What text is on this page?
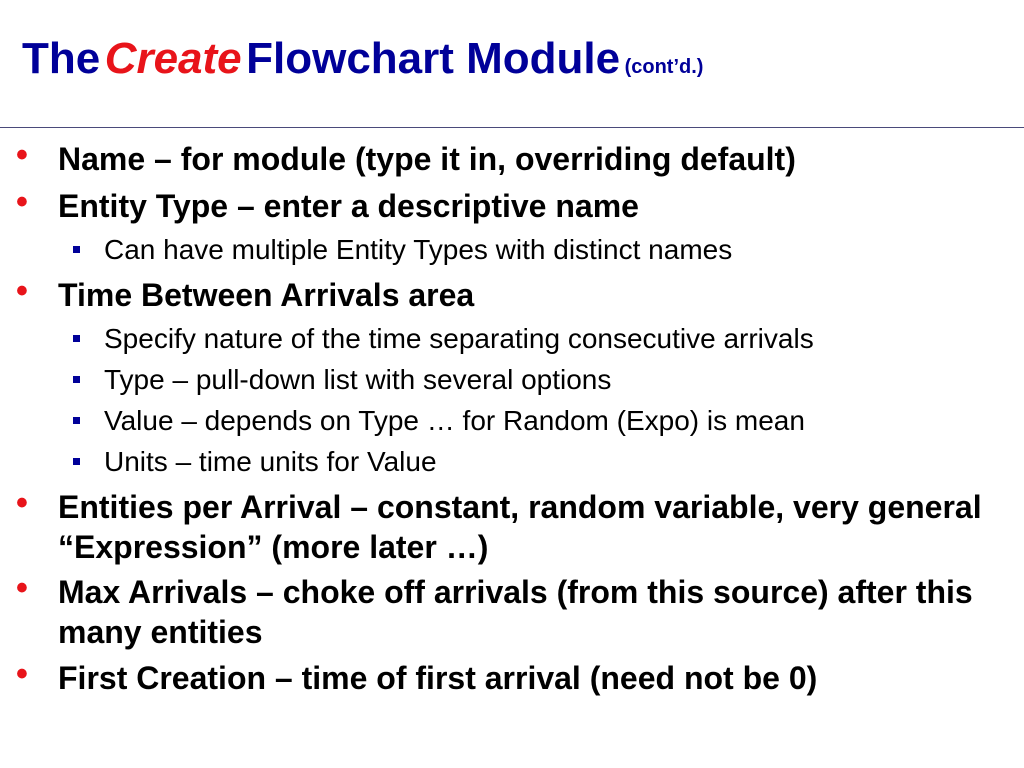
The Create Flowchart Module (cont’d.)
• Name – for module (type it in, overriding default)
• Entity Type – enter a descriptive name
Can have multiple Entity Types with distinct names
• Time Between Arrivals area
Specify nature of the time separating consecutive arrivals
Type – pull-down list with several options
Value – depends on Type … for Random (Expo) is mean
Units – time units for Value
• Entities per Arrival – constant, random variable, very general “Expression” (more later …)
• Max Arrivals – choke off arrivals (from this source) after this many entities
• First Creation – time of first arrival (need not be 0)
